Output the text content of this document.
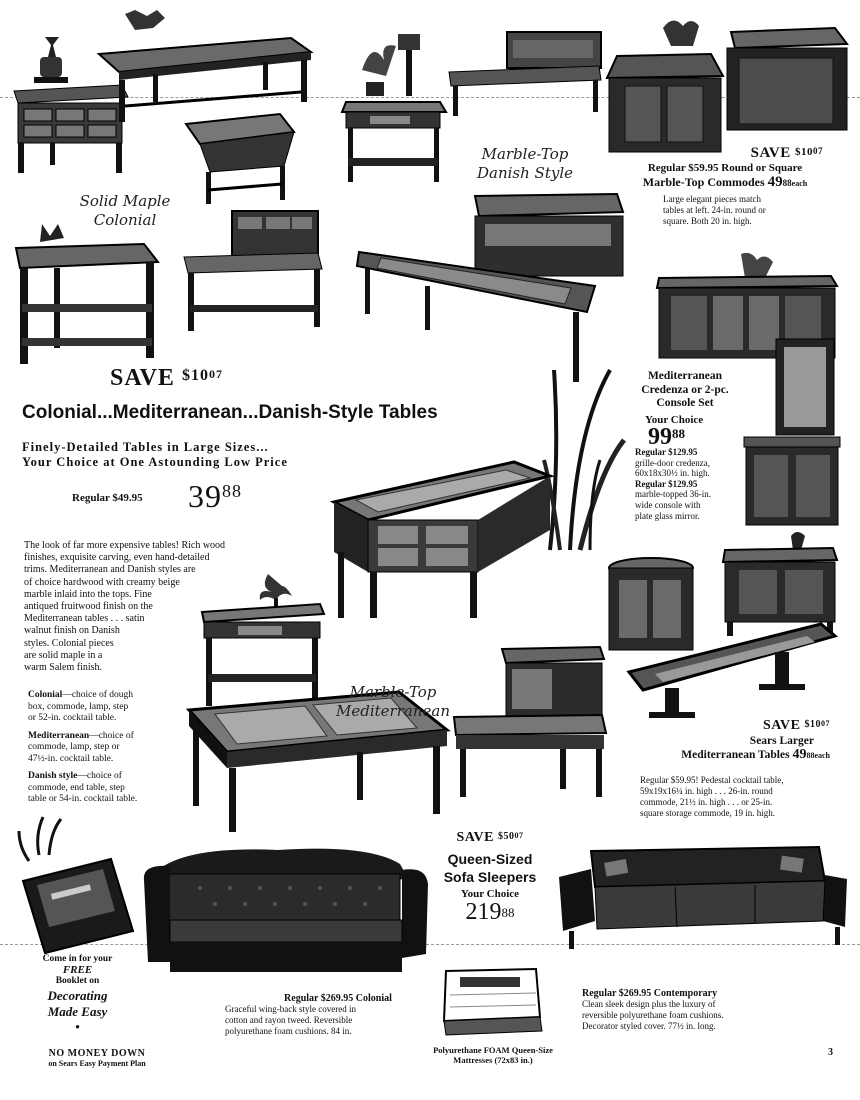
Solid Maple
Colonial
Marble-Top
Danish Style
Marble-Top
Mediterranean
SAVE $^{\$1007}$
Regular $59.95 Round or Square
Marble-Top Commodes $49^{88}each$
Large elegant pieces match
tables at left. 24-in. round or
square. Both 20 in. high.
SAVE $^{\$1007}$
Colonial...Mediterranean...Danish-Style Tables
Finely-Detailed Tables in Large Sizes...
Your Choice at One Astounding Low Price
Regular $49.95 $39^{88}$
The look of far more expensive tables! Rich wood
finishes, exquisite carving, even hand-detailed
trims. Mediterranean and Danish styles are
of choice hardwood with creamy beige
marble inlaid into the tops. Fine
antiqued fruitwood finish on the
Mediterranean tables . . . satin
walnut finish on Danish
styles. Colonial pieces
are solid maple in a
warm Salem finish.
Colonial—choice of dough
box, commode, lamp, step
or 52-in. cocktail table.
Mediterranean—choice of
commode, lamp, step or
47½-in. cocktail table.
Danish style—choice of
commode, end table, step
table or 54-in. cocktail table.
Mediterranean
Credenza or 2-pc.
Console Set
Your Choice
$99^{88}$
Regular $129.95
grille-door credenza,
60x18x30½ in. high.
Regular $129.95
marble-topped 36-in.
wide console with
plate glass mirror.
SAVE $^{\$1007}$
Sears Larger
Mediterranean Tables $49^{88}each$
Regular $59.95! Pedestal cocktail table,
59x19x16¼ in. high . . . 26-in. round
commode, 21½ in. high . . . or 25-in.
square storage commode, 19 in. high.
SAVE $^{\$5007}$
Queen-Sized
Sofa Sleepers
Your Choice
$219^{88}$
Regular $269.95 Colonial
Graceful wing-back style covered in
cotton and rayon tweed. Reversible
polyurethane foam cushions. 84 in.
Regular $269.95 Contemporary
Clean sleek design plus the luxury of
reversible polyurethane foam cushions.
Decorator styled cover. 77½ in. long.
Polyurethane FOAM Queen-Size
Mattresses (72x83 in.)
Come in for your
FREE
Booklet on
Decorating
Made Easy
●
NO MONEY DOWN
on Sears Easy Payment Plan
3
